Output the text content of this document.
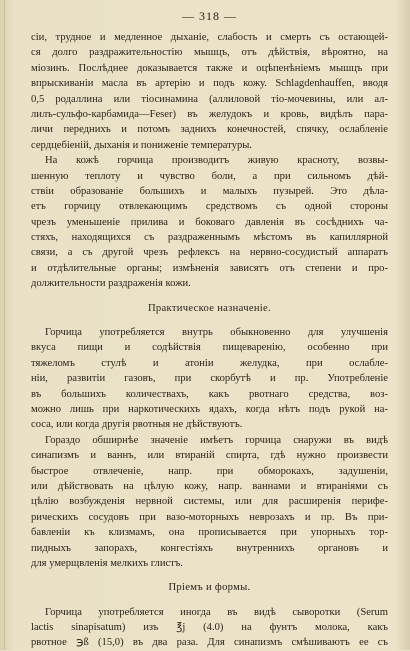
— 318 —
сіи, трудное и медленное дыханіе, слабость и смерть съ остающей-
ся долго раздражительностію мышцъ, отъ дѣйствія, вѣроятно, на
міозинъ. Послѣднее доказывается также и оцѣпенѣніемъ мышцъ при
впрыскиваніи масла въ артерію и подъ кожу. Schlagdenhauffen, вводя
0,5 родаллина или тіосинамина (аллиловой тіо-мочевины, или ал-
лилъ-сульфо-карбамида—Feser) въ желудокъ и кровь, видѣлъ пара-
личи переднихъ и потомъ заднихъ конечностей, спячку, ослабленіе
сердцебіеній, дыханія и пониженіе температуры.
На кожѣ горчица производитъ живую красноту, возвы-
шенную теплоту и чувство боли, а при сильномъ дѣй-
ствіи образованіе большихъ и малыхъ пузырей. Это дѣла-
етъ горчицу отвлекающимъ средствомъ съ одной стороны
чрезъ уменьшеніе прилива и боковаго давленія въ сосѣднихъ ча-
стяхъ, находящихся съ раздраженнымъ мѣстомъ въ капиллярной
связи, а съ другой чрезъ рефлексъ на нервно-сосудистый аппаратъ
и отдѣлительные органы; измѣненія зависятъ отъ степени и про-
должительности раздраженія кожи.
Практическое назначеніе.
Горчица употребляется внутрь обыкновенно для улучшенія
вкуса пищи и содѣйствія пищеваренію, особенно при
тяжеломъ стулѣ и атоніи желудка, при ослабле-
ніи, развитіи газовъ, при скорбутѣ и пр. Употребленіе
въ большихъ количествахъ, какъ рвотнаго средства, воз-
можно лишь при наркотическихъ ядахъ, когда нѣтъ подъ рукой на-
соса, или когда другія рвотныя не дѣйствуютъ.
Гораздо обширнѣе значеніе имѣетъ горчица снаружи въ видѣ
синапизмъ и ваннъ, или втираній спирта, гдѣ нужно произвести
быстрое отвлеченіе, напр. при обморокахъ, задушеніи,
или дѣйствовать на цѣлую кожу, напр. ваннами и втираніями съ
цѣлію возбужденія нервной системы, или для расширенія перифе-
рическихъ сосудовъ при вазо-моторныхъ неврозахъ и пр. Въ при-
бавленіи къ клизмамъ, она прописывается при упорныхъ тор-
пидныхъ запорахъ, конгестіяхъ внутреннихъ органовъ и
для умерщвленія мелкихъ глистъ.
Пріемъ и формы.
Горчица употребляется иногда въ видѣ сыворотки (Serum
lactis sinapisatum) изъ ℥j (4.0) на фунтъ молока, какъ
рвотное ℈ß (15,0) въ два раза. Для синапизмъ смѣшиваютъ ее съ
